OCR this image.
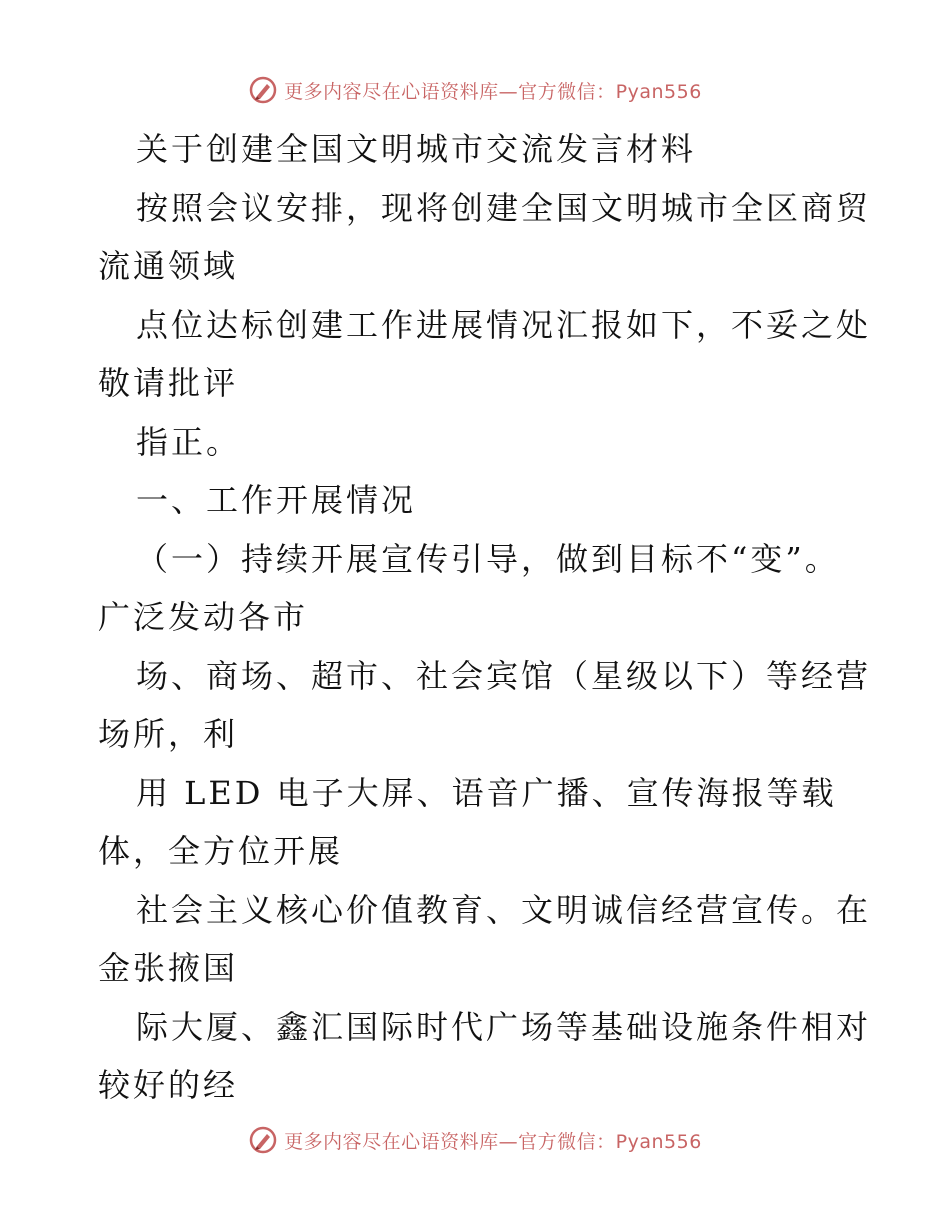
更多内容尽在心语资料库—官方微信：Pyan556
关于创建全国文明城市交流发言材料
按照会议安排，现将创建全国文明城市全区商贸
流通领域
点位达标创建工作进展情况汇报如下，不妥之处
敬请批评
指正。
一、工作开展情况
（一）持续开展宣传引导，做到目标不“变”。
广泛发动各市
场、商场、超市、社会宾馆（星级以下）等经营
场所，利
用 LED 电子大屏、语音广播、宣传海报等载
体，全方位开展
社会主义核心价值教育、文明诚信经营宣传。在
金张掖国
际大厦、鑫汇国际时代广场等基础设施条件相对
较好的经
更多内容尽在心语资料库—官方微信：Pyan556
